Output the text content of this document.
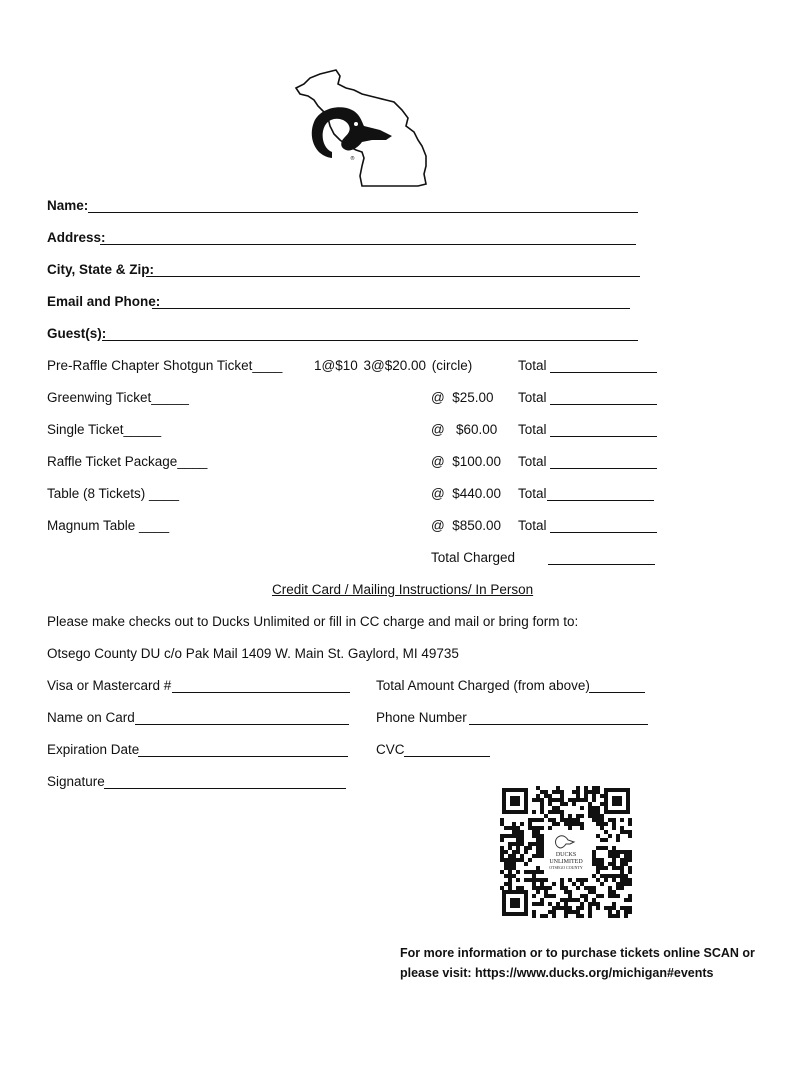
®
Name:
Address:
City, State & Zip:
Email and Phone:
Guest(s):
Pre-Raffle Chapter Shotgun Ticket____ 1@$10 3@$20.00 (circle)	Total
Greenwing Ticket_____	@  $25.00 Total
Single Ticket_____	@   $60.00 Total
Raffle Ticket Package____	@  $100.00 Total
Table (8 Tickets) ____	@  $440.00 Total
Magnum Table ____	@  $850.00 Total
Total Charged
Credit Card / Mailing Instructions/ In Person
Please make checks out to Ducks Unlimited or fill in CC charge and mail or bring form to:
Otsego County DU c/o Pak Mail 1409 W. Main St. Gaylord, MI 49735
Visa or Mastercard #	Total Amount Charged (from above)
Name on Card	Phone Number
Expiration Date	CVC
Signature
DUCKS
UNLIMITED
OTSEGO COUNTY
For more information or to purchase tickets online SCAN or
please visit: https://www.ducks.org/michigan#events
